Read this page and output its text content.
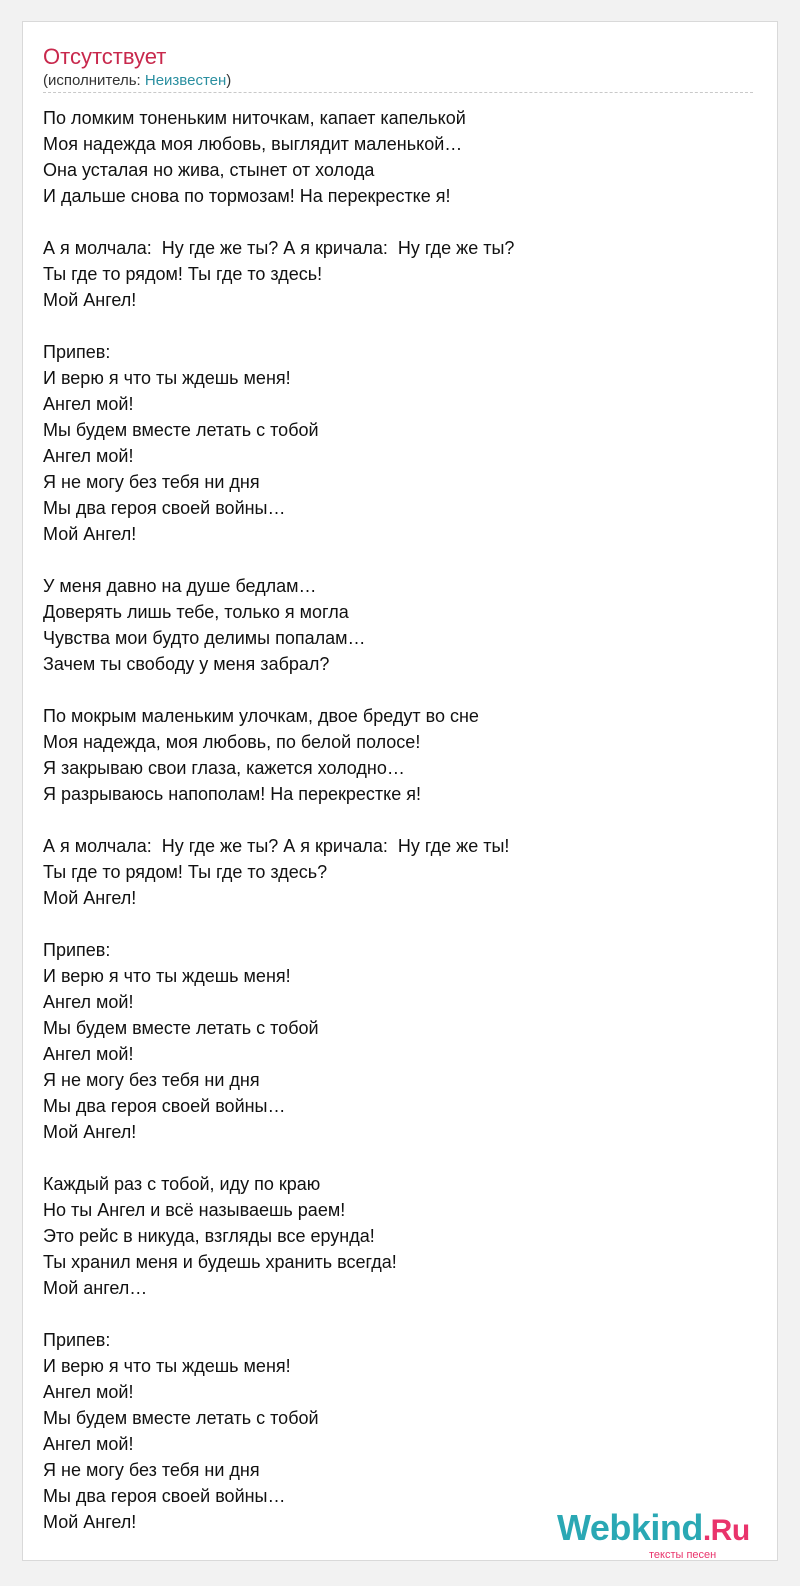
Отсутствует
(исполнитель: Неизвестен)
По ломким тоненьким ниточкам, капает капелькой
Моя надежда моя любовь, выглядит маленькой…
Она усталая но жива, стынет от холода
И дальше снова по тормозам! На перекрестке я!
А я молчала:  Ну где же ты? А я кричала:  Ну где же ты?
Ты где то рядом! Ты где то здесь!
Мой Ангел!
Припев:
И верю я что ты ждешь меня!
Ангел мой!
Мы будем вместе летать с тобой
Ангел мой!
Я не могу без тебя ни дня
Мы два героя своей войны…
Мой Ангел!
У меня давно на душе бедлам…
Доверять лишь тебе, только я могла
Чувства мои будто делимы попалам…
Зачем ты свободу у меня забрал?
По мокрым маленьким улочкам, двое бредут во сне
Моя надежда, моя любовь, по белой полосе!
Я закрываю свои глаза, кажется холодно…
Я разрываюсь напополам! На перекрестке я!
А я молчала:  Ну где же ты? А я кричала:  Ну где же ты!
Ты где то рядом! Ты где то здесь?
Мой Ангел!
Припев:
И верю я что ты ждешь меня!
Ангел мой!
Мы будем вместе летать с тобой
Ангел мой!
Я не могу без тебя ни дня
Мы два героя своей войны…
Мой Ангел!
Каждый раз с тобой, иду по краю
Но ты Ангел и всё называешь раем!
Это рейс в никуда, взгляды все ерунда!
Ты хранил меня и будешь хранить всегда!
Мой ангел…
Припев:
И верю я что ты ждешь меня!
Ангел мой!
Мы будем вместе летать с тобой
Ангел мой!
Я не могу без тебя ни дня
Мы два героя своей войны…
Мой Ангел!	Webkind.Ru
тексты песен
